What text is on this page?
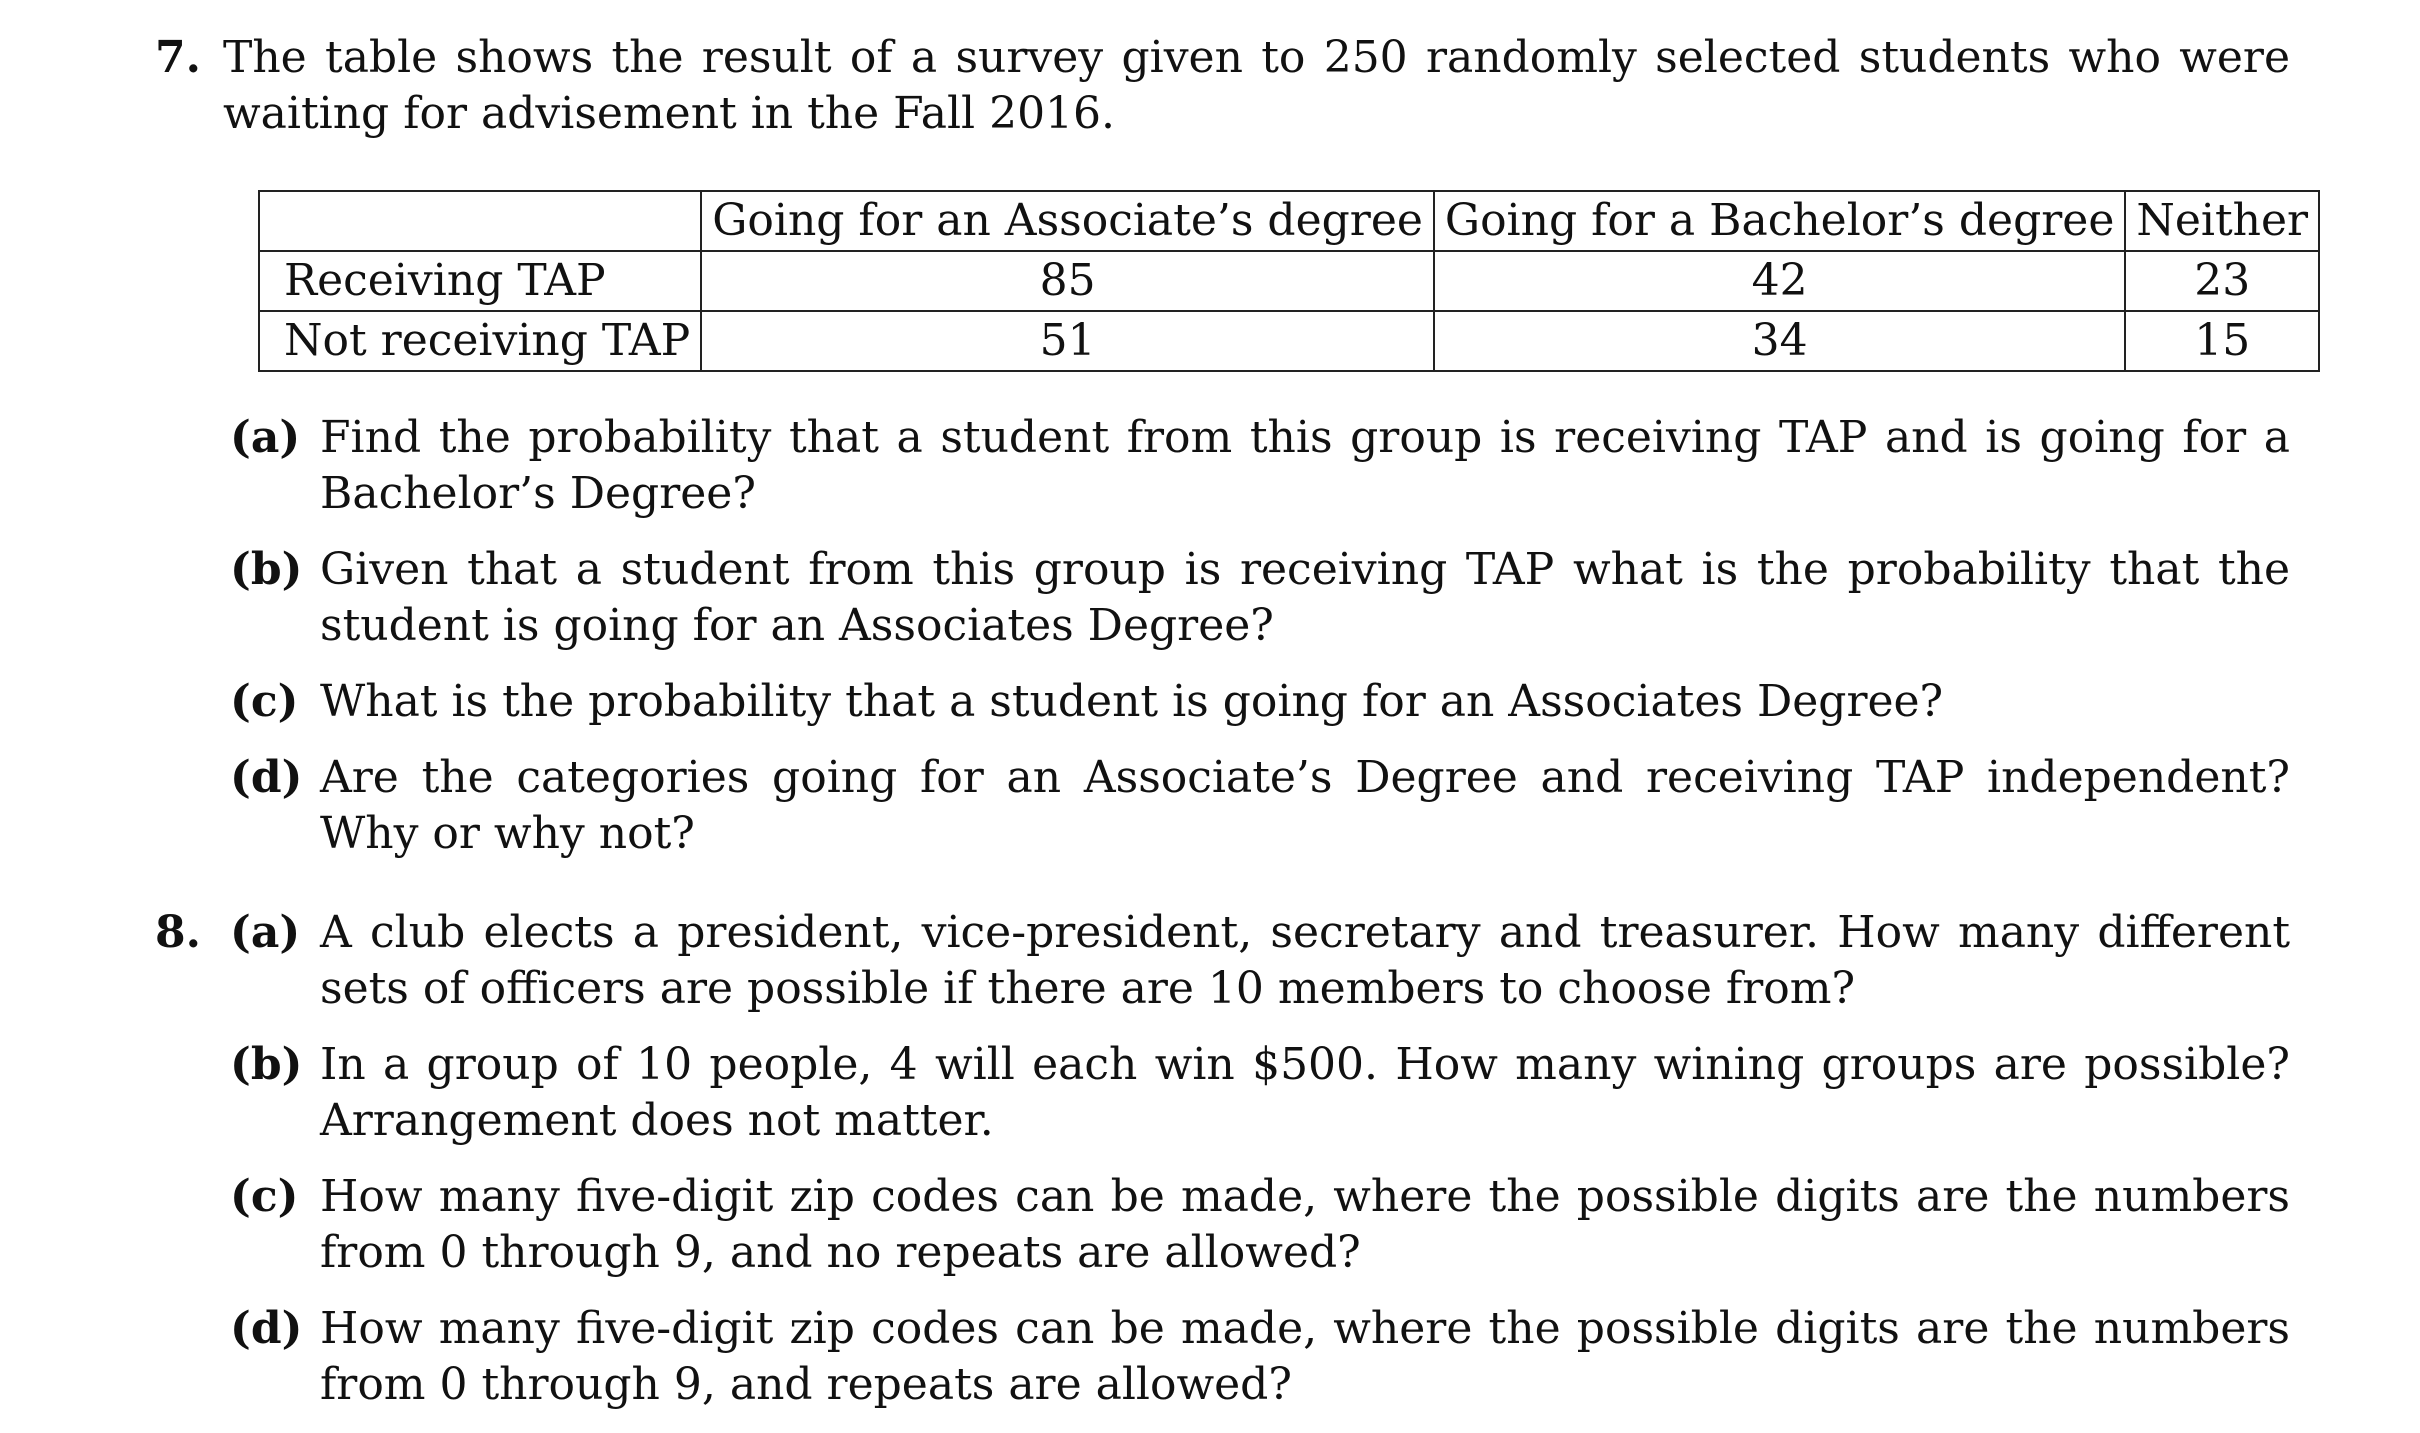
7. The table shows the result of a survey given to 250 randomly selected students who were waiting for advisement in the Fall 2016.
	Going for an Associate’s degree	Going for a Bachelor’s degree	Neither
Receiving TAP	85	42	23
Not receiving TAP	51	34	15
(a) Find the probability that a student from this group is receiving TAP and is going for a Bachelor’s Degree?
(b) Given that a student from this group is receiving TAP what is the probability that the student is going for an Associates Degree?
(c) What is the probability that a student is going for an Associates Degree?
(d) Are the categories going for an Associate’s Degree and receiving TAP independent? Why or why not?
8. (a) A club elects a president, vice-president, secretary and treasurer. How many different sets of officers are possible if there are 10 members to choose from?
(b) In a group of 10 people, 4 will each win $500. How many wining groups are possible? Arrangement does not matter.
(c) How many five-digit zip codes can be made, where the possible digits are the numbers from 0 through 9, and no repeats are allowed?
(d) How many five-digit zip codes can be made, where the possible digits are the numbers from 0 through 9, and repeats are allowed?
